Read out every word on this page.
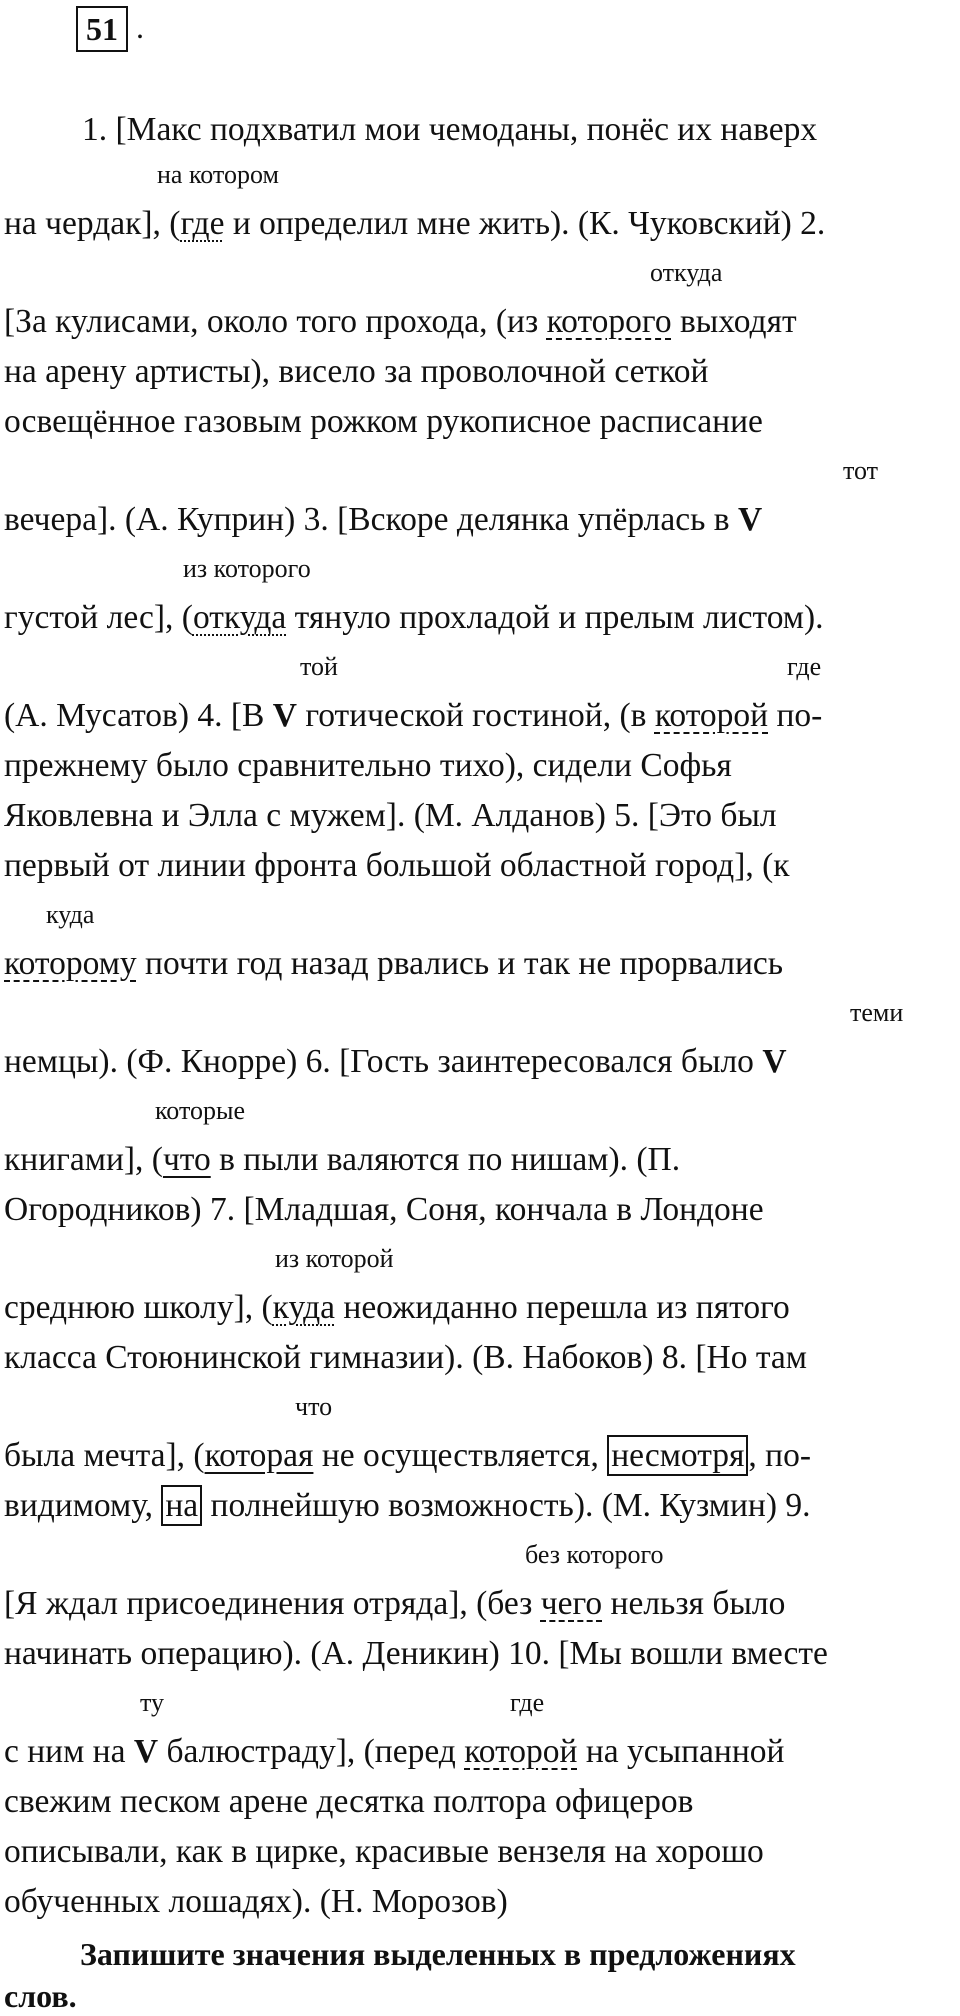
51 .
1. [Макс подхватил мои чемоданы, понёс их наверх
на чердак], (где и определил мне жить). (К. Чуковский) 2.
[За кулисами, около того прохода, (из которого выходят
на арену артисты), висело за проволочной сеткой
освещённое газовым рожком рукописное расписание
вечера]. (А. Куприн) 3. [Вскоре делянка упёрлась в V
густой лес], (откуда тянуло прохладой и прелым листом).
(А. Мусатов) 4. [В V готической гостиной, (в которой по-
прежнему было сравнительно тихо), сидели Софья
Яковлевна и Элла с мужем]. (М. Алданов) 5. [Это был
первый от линии фронта большой областной город], (к
которому почти год назад рвались и так не прорвались
немцы). (Ф. Кнорре) 6. [Гость заинтересовался было V
книгами], (что в пыли валяются по нишам). (П.
Огородников) 7. [Младшая, Соня, кончала в Лондоне
среднюю школу], (куда неожиданно перешла из пятого
класса Стоюнинской гимназии). (В. Набоков) 8. [Но там
была мечта], (которая не осуществляется, несмотря , по-
видимому, на полнейшую возможность). (М. Кузмин) 9.
[Я ждал присоединения отряда], (без чего нельзя было
начинать операцию). (А. Деникин) 10. [Мы вошли вместе
с ним на V балюстраду], (перед которой на усыпанной
свежим песком арене десятка полтора офицеров
описывали, как в цирке, красивые вензеля на хорошо
обученных лошадях). (Н. Морозов)
на котором
откуда
тот
из которого
той	где
куда
теми
которые
из которой
что
без которого
ту	где
Запишите значения выделенных в предложениях
слов.
